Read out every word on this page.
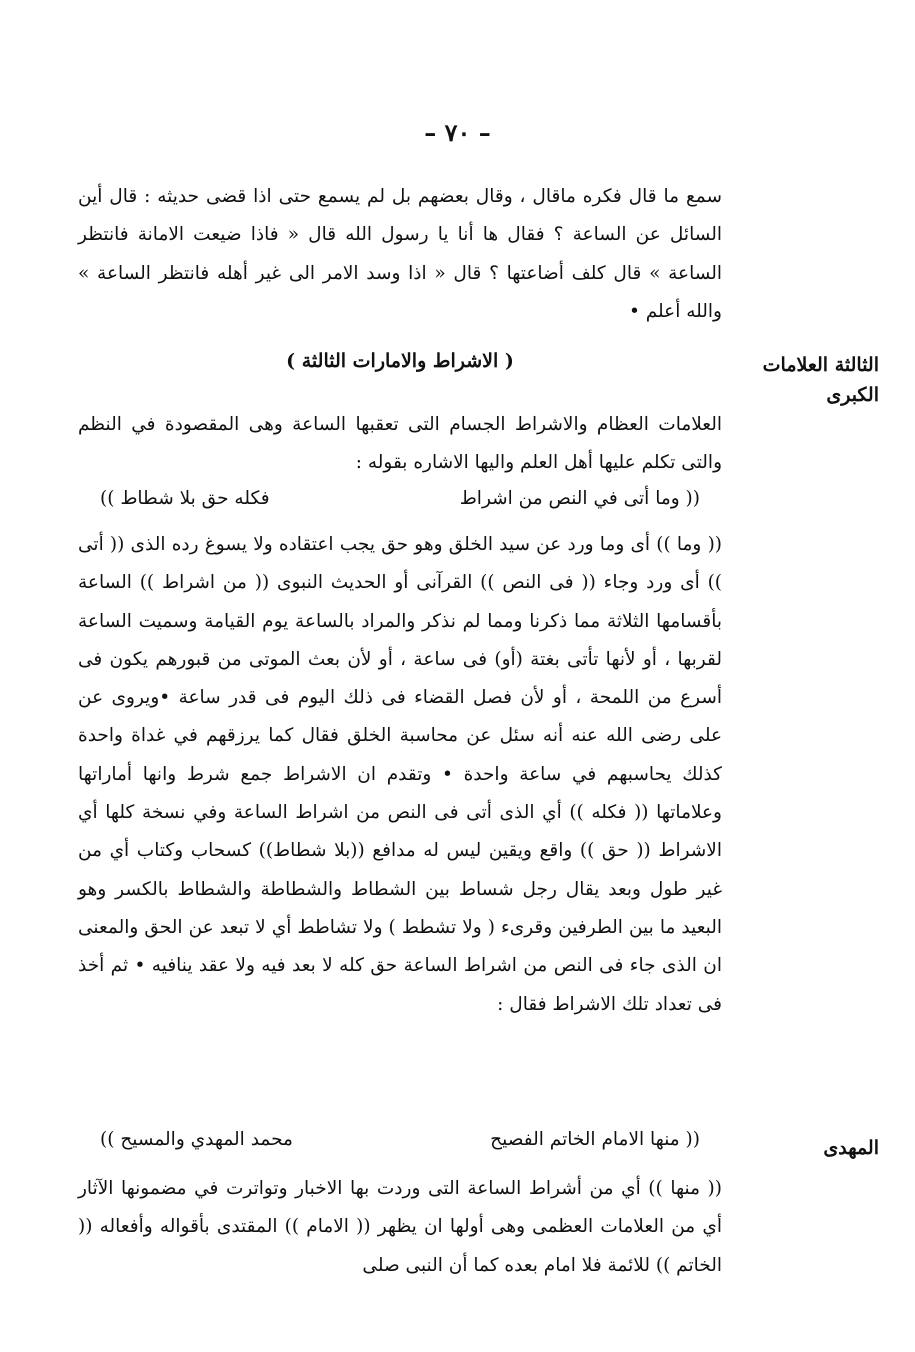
– ٧٠ –

سمع ما قال فكره ماقال ، وقال بعضهم بل لم يسمع حتى اذا قضى حديثه : قال أين السائل عن الساعة ؟ فقال ها أنا يا رسول الله قال « فاذا ضيعت الامانة فانتظر الساعة » قال كلف أضاعتها ؟ قال « اذا وسد الامر الى غير أهله فانتظر الساعة » والله أعلم •

الثالثة العلامات الكبرى
( الاشراط والامارات الثالثة )

العلامات العظام والاشراط الجسام التى تعقبها الساعة وهى المقصودة في النظم والتى تكلم عليها أهل العلم واليها الاشاره بقوله :

(( وما أتى في النص من اشراط
فكله حق بلا شطاط ))

(( وما )) أى وما ورد عن سيد الخلق وهو حق يجب اعتقاده ولا يسوغ رده الذى (( أتى )) أى ورد وجاء (( فى النص )) القرآنى أو الحديث النبوى (( من اشراط )) الساعة بأقسامها الثلاثة مما ذكرنا ومما لم نذكر والمراد بالساعة يوم القيامة وسميت الساعة لقربها ، أو لأنها تأتى بغتة (أو) فى ساعة ، أو لأن بعث الموتى من قبورهم يكون فى أسرع من اللمحة ، أو لأن فصل القضاء فى ذلك اليوم فى قدر ساعة •ويروى عن على رضى الله عنه أنه سئل عن محاسبة الخلق فقال كما يرزقهم في غداة واحدة كذلك يحاسبهم في ساعة واحدة • وتقدم ان الاشراط جمع شرط وانها أماراتها وعلاماتها (( فكله )) أي الذى أتى فى النص من اشراط الساعة وفي نسخة كلها أي الاشراط (( حق )) واقع ويقين ليس له مدافع ((بلا شطاط)) كسحاب وكتاب أي من غير طول وبعد يقال رجل شساط بين الشطاط والشطاطة والشطاط بالكسر وهو البعيد ما بين الطرفين وقرىء ( ولا تشطط ) ولا تشاطط أي لا تبعد عن الحق والمعنى ان الذى جاء فى النص من اشراط الساعة حق كله لا بعد فيه ولا عقد ينافيه • ثم أخذ فى تعداد تلك الاشراط فقال :

المهدى
(( منها الامام الخاتم الفصيح
محمد المهدي والمسيح ))

(( منها )) أي من أشراط الساعة التى وردت بها الاخبار وتواترت في مضمونها الآثار أي من العلامات العظمى وهى أولها ان يظهر (( الامام )) المقتدى بأقواله وأفعاله (( الخاتم )) للائمة فلا امام بعده كما أن النبى صلى
